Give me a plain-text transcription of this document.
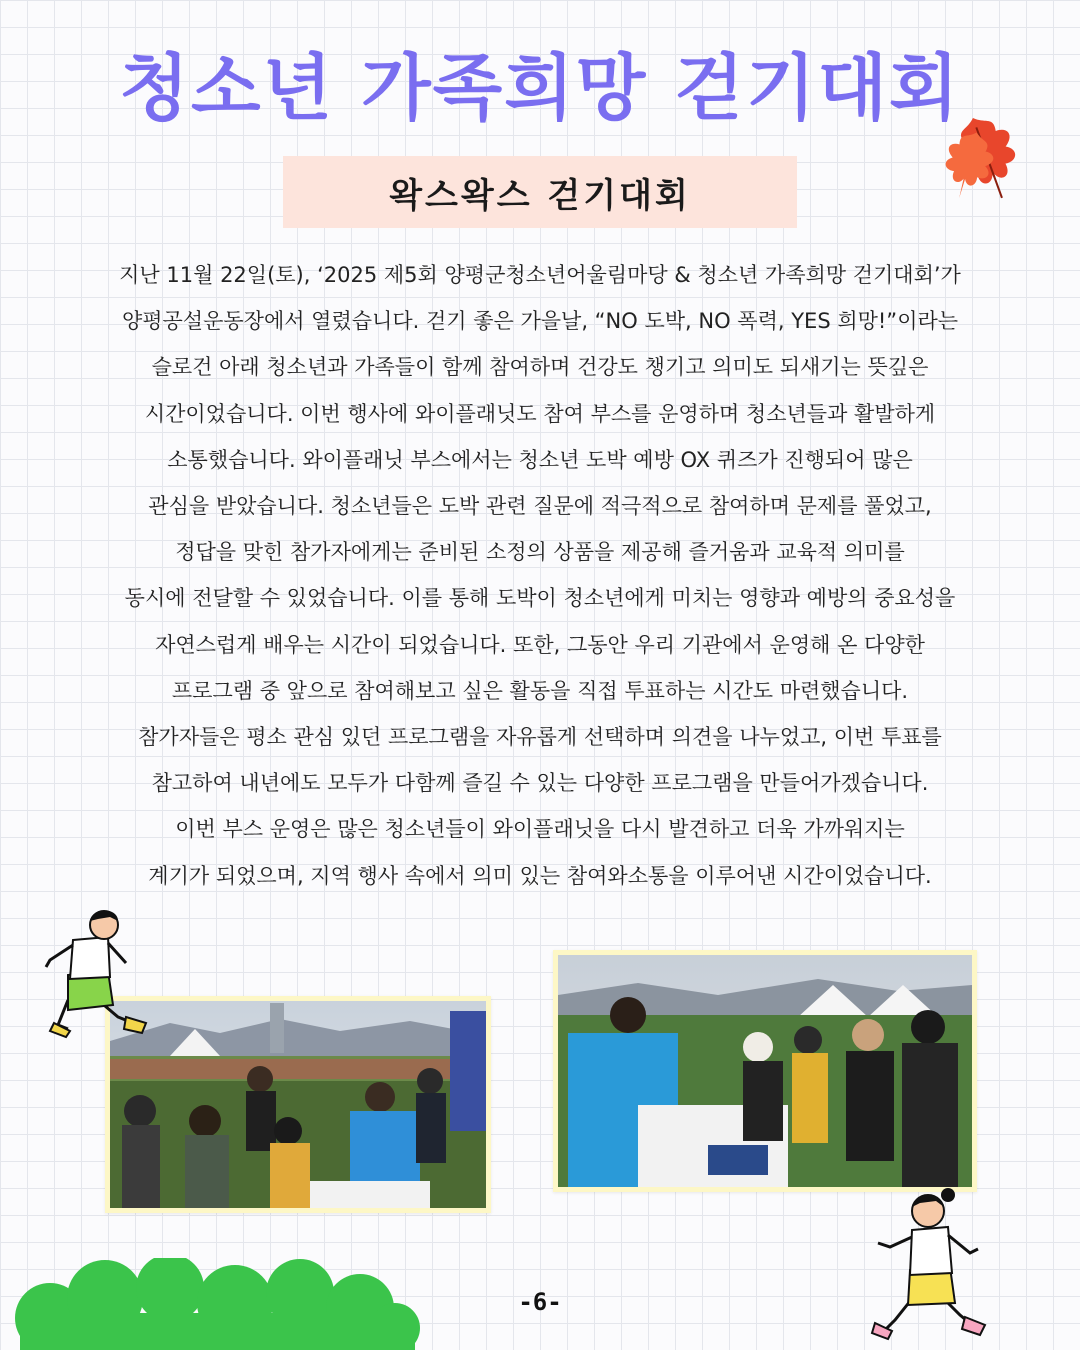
청소년 가족희망 걷기대회
왁스왁스 걷기대회
지난 11월 22일(토), ‘2025 제5회 양평군청소년어울림마당 & 청소년 가족희망 걷기대회’가
양평공설운동장에서 열렸습니다. 걷기 좋은 가을날, “NO 도박, NO 폭력, YES 희망!”이라는
슬로건 아래 청소년과 가족들이 함께 참여하며 건강도 챙기고 의미도 되새기는 뜻깊은
시간이었습니다. 이번 행사에 와이플래닛도 참여 부스를 운영하며 청소년들과 활발하게
소통했습니다. 와이플래닛 부스에서는 청소년 도박 예방 OX 퀴즈가 진행되어 많은
관심을 받았습니다. 청소년들은 도박 관련 질문에 적극적으로 참여하며 문제를 풀었고,
정답을 맞힌 참가자에게는 준비된 소정의 상품을 제공해 즐거움과 교육적 의미를
동시에 전달할 수 있었습니다. 이를 통해 도박이 청소년에게 미치는 영향과 예방의 중요성을
자연스럽게 배우는 시간이 되었습니다. 또한, 그동안 우리 기관에서 운영해 온 다양한
프로그램 중 앞으로 참여해보고 싶은 활동을 직접 투표하는 시간도 마련했습니다.
참가자들은 평소 관심 있던 프로그램을 자유롭게 선택하며 의견을 나누었고, 이번 투표를
참고하여 내년에도 모두가 다함께 즐길 수 있는 다양한 프로그램을 만들어가겠습니다.
이번 부스 운영은 많은 청소년들이 와이플래닛을 다시 발견하고 더욱 가까워지는
계기가 되었으며, 지역 행사 속에서 의미 있는 참여와소통을 이루어낸 시간이었습니다.
-6-
